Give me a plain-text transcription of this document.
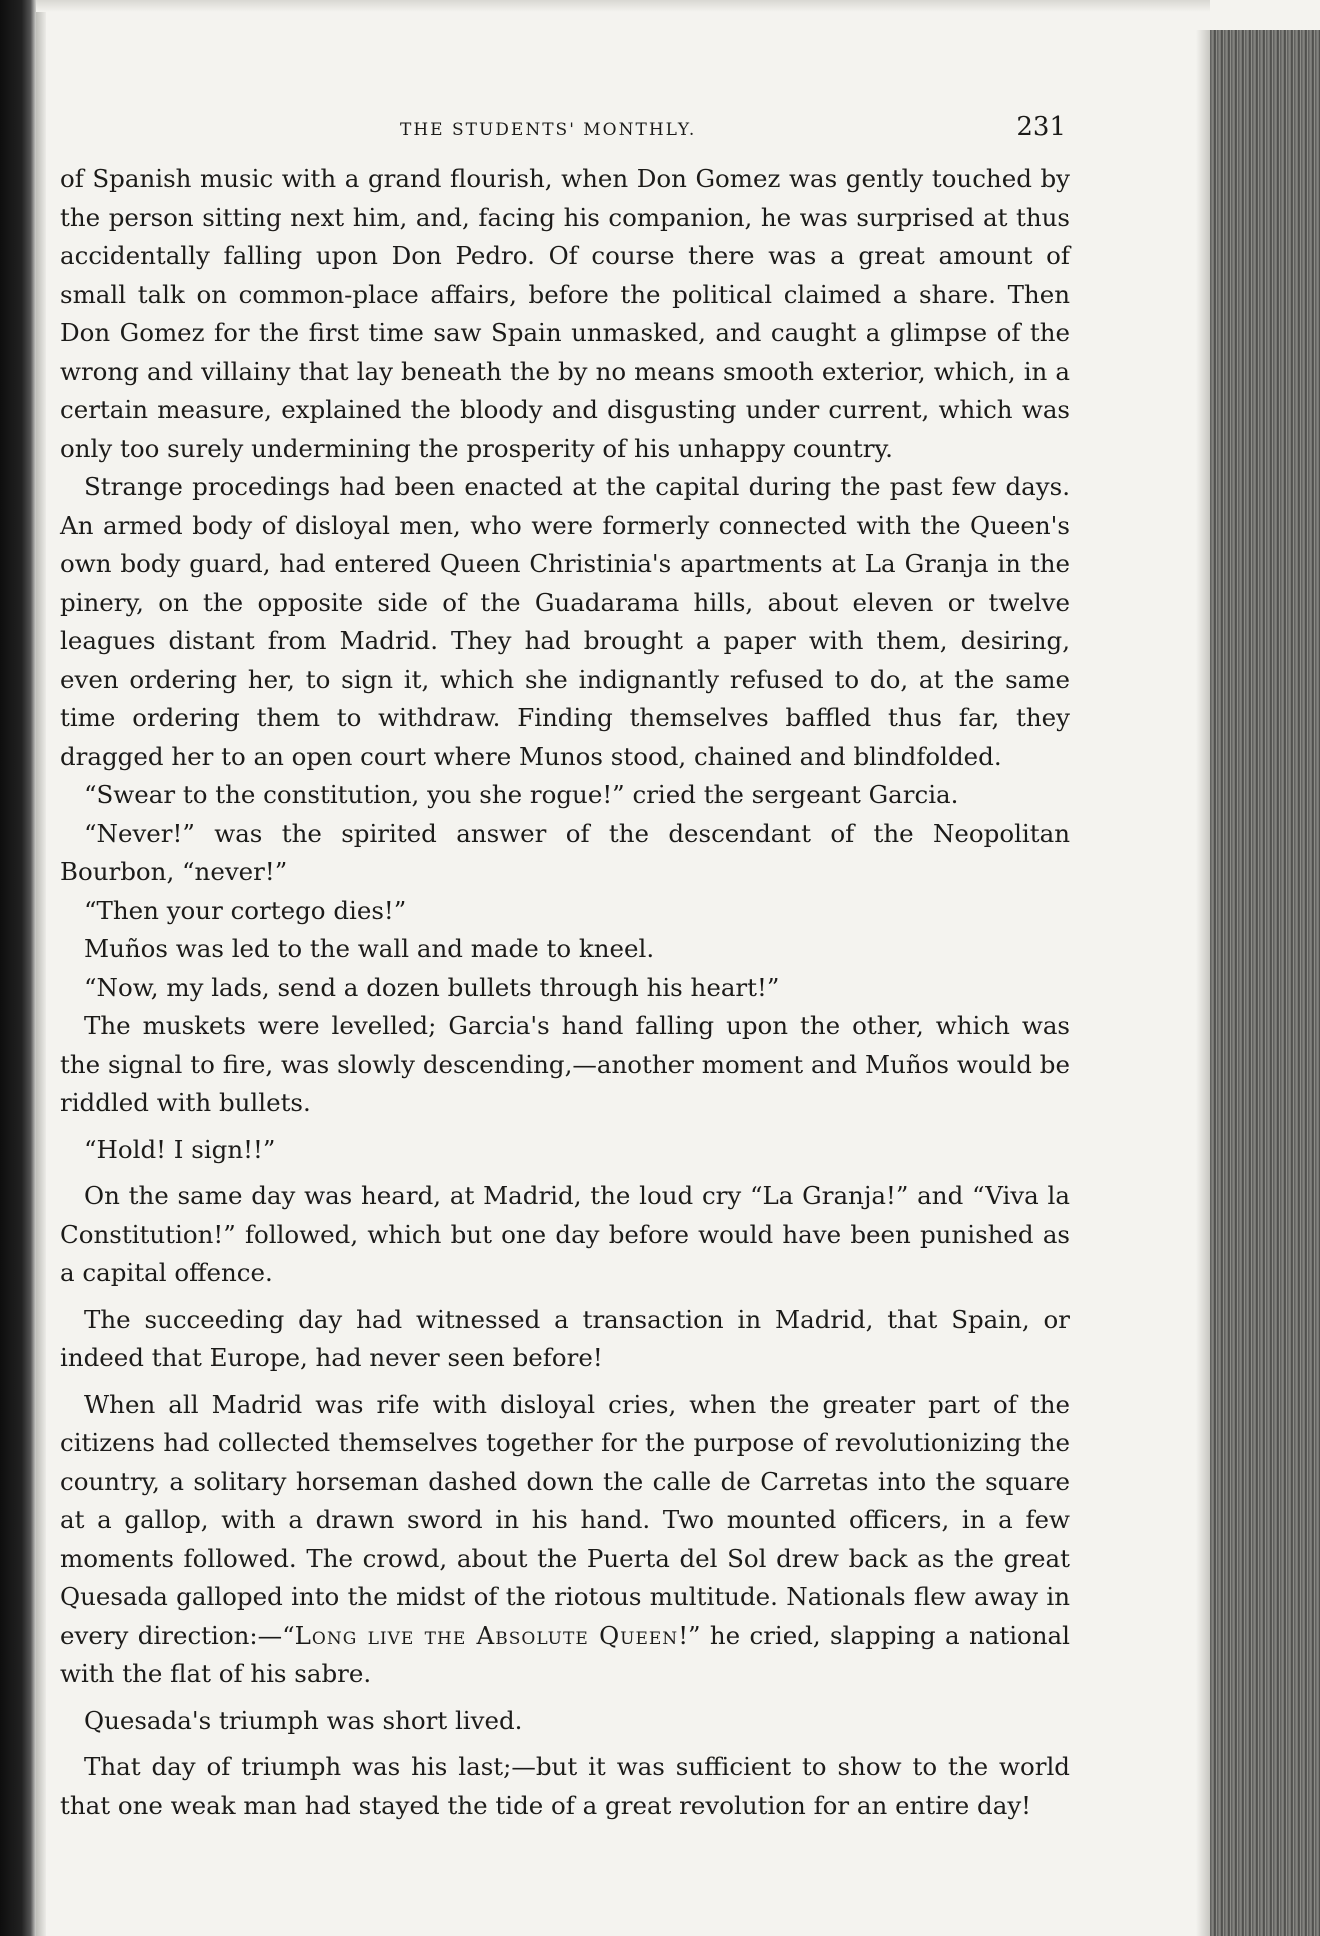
THE STUDENTS' MONTHLY.	231

of Spanish music with a grand flourish, when Don Gomez was gently touched by the person sitting next him, and, facing his companion, he was surprised at thus accidentally falling upon Don Pedro. Of course there was a great amount of small talk on common-place affairs, before the political claimed a share. Then Don Gomez for the first time saw Spain unmasked, and caught a glimpse of the wrong and villainy that lay beneath the by no means smooth exterior, which, in a certain measure, explained the bloody and disgusting under current, which was only too surely undermining the prosperity of his unhappy country.

Strange procedings had been enacted at the capital during the past few days. An armed body of disloyal men, who were formerly connected with the Queen's own body guard, had entered Queen Christinia's apartments at La Granja in the pinery, on the opposite side of the Guadarama hills, about eleven or twelve leagues distant from Madrid. They had brought a paper with them, desiring, even ordering her, to sign it, which she indignantly refused to do, at the same time ordering them to withdraw. Finding themselves baffled thus far, they dragged her to an open court where Munos stood, chained and blindfolded.

“Swear to the constitution, you she rogue!” cried the sergeant Garcia.

“Never!” was the spirited answer of the descendant of the Neopolitan Bourbon, “never!”

“Then your cortego dies!”

Muños was led to the wall and made to kneel.

“Now, my lads, send a dozen bullets through his heart!”

The muskets were levelled; Garcia's hand falling upon the other, which was the signal to fire, was slowly descending,—another moment and Muños would be riddled with bullets.

“Hold! I sign!!”

On the same day was heard, at Madrid, the loud cry “La Granja!” and “Viva la Constitution!” followed, which but one day before would have been punished as a capital offence.

The succeeding day had witnessed a transaction in Madrid, that Spain, or indeed that Europe, had never seen before!

When all Madrid was rife with disloyal cries, when the greater part of the citizens had collected themselves together for the purpose of revolutionizing the country, a solitary horseman dashed down the calle de Carretas into the square at a gallop, with a drawn sword in his hand. Two mounted officers, in a few moments followed. The crowd, about the Puerta del Sol drew back as the great Quesada galloped into the midst of the riotous multitude. Nationals flew away in every direction:—“Long live the Absolute Queen!” he cried, slapping a national with the flat of his sabre.

Quesada's triumph was short lived.

That day of triumph was his last;—but it was sufficient to show to the world that one weak man had stayed the tide of a great revolution for an entire day!
